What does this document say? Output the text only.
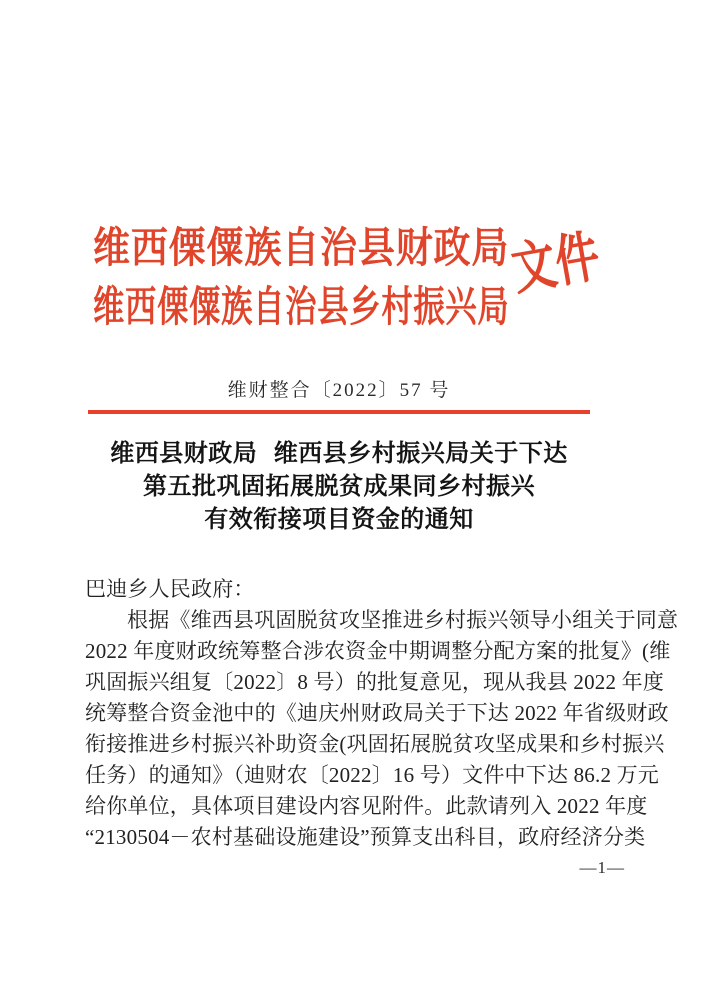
维西傈僳族自治县财政局
维西傈僳族自治县乡村振兴局
文件
维财整合〔2022〕57 号
维西县财政局 维西县乡村振兴局关于下达
第五批巩固拓展脱贫成果同乡村振兴
有效衔接项目资金的通知
巴迪乡人民政府：
根据《维西县巩固脱贫攻坚推进乡村振兴领导小组关于同意
2022 年度财政统筹整合涉农资金中期调整分配方案的批复》(维
巩固振兴组复〔2022〕8 号）的批复意见，现从我县 2022 年度
统筹整合资金池中的《迪庆州财政局关于下达 2022 年省级财政
衔接推进乡村振兴补助资金(巩固拓展脱贫攻坚成果和乡村振兴
任务）的通知》（迪财农〔2022〕16 号）文件中下达 86.2 万元
给你单位，具体项目建设内容见附件。此款请列入 2022 年度
“2130504－农村基础设施建设”预算支出科目，政府经济分类
—1—
